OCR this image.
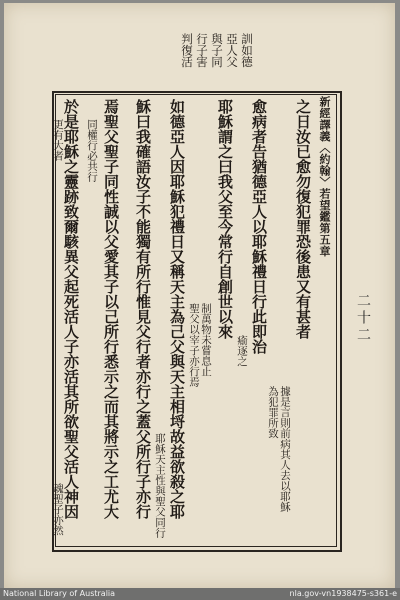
訓如德
亞人父
與子同
行子害
判復活
新經譯義〈約翰〉若望鑑第五章
之日汝已愈勿復犯罪恐後患又有甚者
據是言則前病其人去以耶穌
為犯罪所致
愈病者告猶德亞人以耶穌禮日行此即治
瘉逐之
耶穌謂之曰我父至今常行自創世以來
制萬物未嘗息止
聖父以宰子亦行焉
如德亞人因耶穌犯禮日又稱天主為己父與天主相埒故益欲殺之耶
耶穌天主性與聖父同行
穌曰我確語汝子不能獨有所行惟見父行者亦行之蓋父所行子亦行
焉聖父聖子同性誠以父愛其子以己所行悉示之而其將示之工尤大
同權行必共行
於是耶穌之靈跡致爾駭異父起死活人子亦活其所欲聖父活人神因
更有大者
魂聖子亦然
二十二
National Library of Australia	nla.gov-vn1938475-s361-e
